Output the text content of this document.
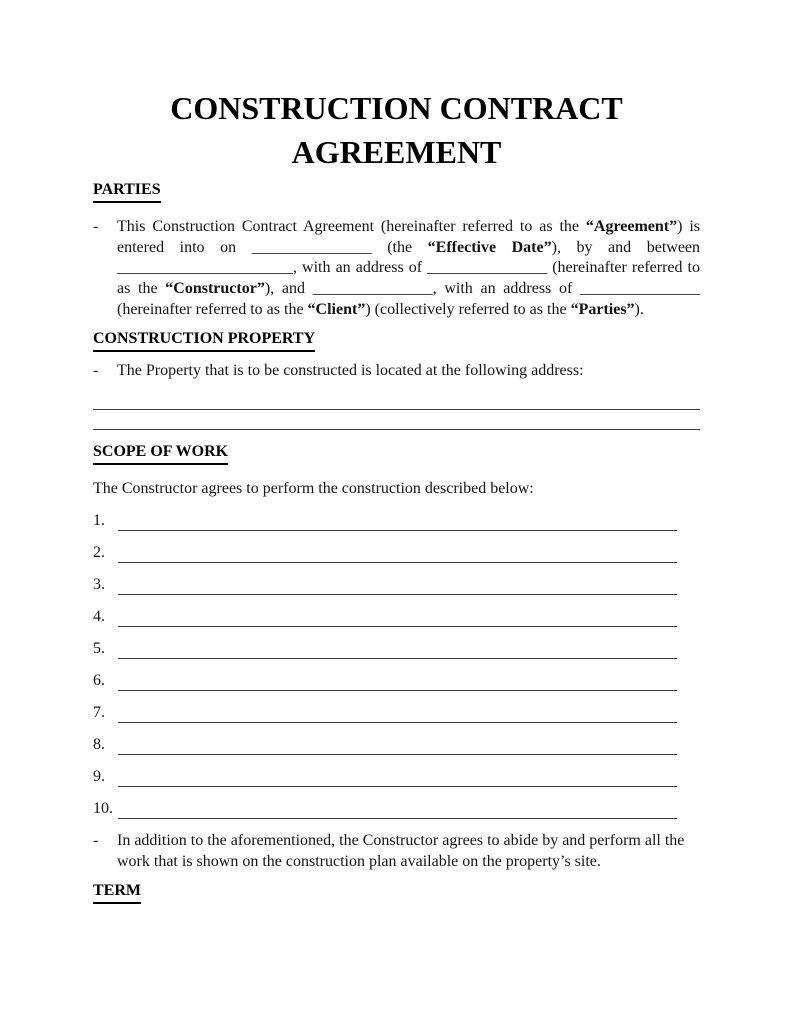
CONSTRUCTION CONTRACT
AGREEMENT
PARTIES
-	This Construction Contract Agreement (hereinafter referred to as the “Agreement”) is entered into on _______________ (the “Effective Date”), by and between ______________________, with an address of _______________ (hereinafter referred to as the “Constructor”), and _______________, with an address of _______________ (hereinafter referred to as the “Client”) (collectively referred to as the “Parties”).
CONSTRUCTION PROPERTY
-	The Property that is to be constructed is located at the following address:
SCOPE OF WORK
The Constructor agrees to perform the construction described below:
1.
2.
3.
4.
5.
6.
7.
8.
9.
10.
-	In addition to the aforementioned, the Constructor agrees to abide by and perform all the work that is shown on the construction plan available on the property’s site.
TERM
